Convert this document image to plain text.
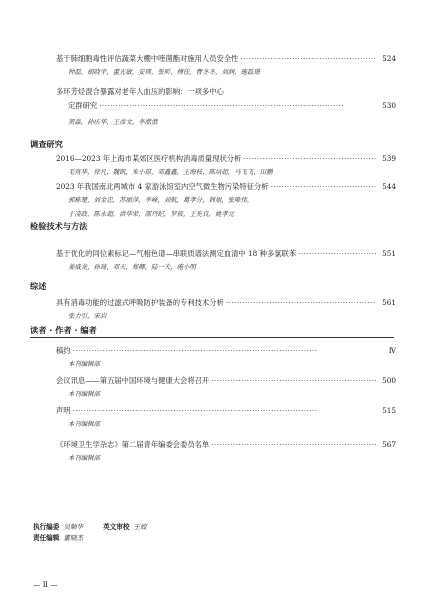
基于肺细胞毒性评估蔬菜大棚中喹菌酯对施用人员安全性 ·····	524
钟磊，胡晓宇，董光敏，安瑛，张昕，傅佳，曹冬冬，刘润，施磊璟
多环芳烃混合暴露对老年人血压的影响：一项多中心
定群研究 ·····	530
贺淼，孙庆华，王彦文，李湉湉
调查研究
2016—2023 年上海市某郊区医疗机构消毒质量现状分析 ·····	539
毛宫华，徐凡，魏凯，朱小琼，邓鑫鑫，王海枝，陈培超，马飞飞，田鹏
2023 年我国南北两城市 4 家游泳馆室内空气微生物污染特征分析 ·····	544
郭栋楚，刘金忠，苏丽萍，李峰，刘航，葛孝分，韩旭，张唯伟，
于凌政，陈永超，洪华荣，邵丹纪，罗彼，王先良，姚孝元
检验技术与方法
基于优化的同位素标记—气相色谱—串联质谱法测定血清中 18 种多氯联苯 ·····	551
姜威龙，孙琦，邓天，郑卿，陆一夫，施小明
综述
具有消毒功能的过滤式呼吸防护装备的专利技术分析 ·····	561
张力引，宋岩
读者 · 作者 · 编者
稿约 ·····	Ⅳ
本刊编辑部
会议讯息——第五届中国环境与健康大会将召开 ·····	500
本刊编辑部
声明 ·····	515
本刊编辑部
《环境卫生学杂志》第二届青年编委会委员名单 ·····	567
本刊编辑部
执行编委 吴顺华	英文审校 王姣
责任编辑 董晓杰
— Ⅱ —
